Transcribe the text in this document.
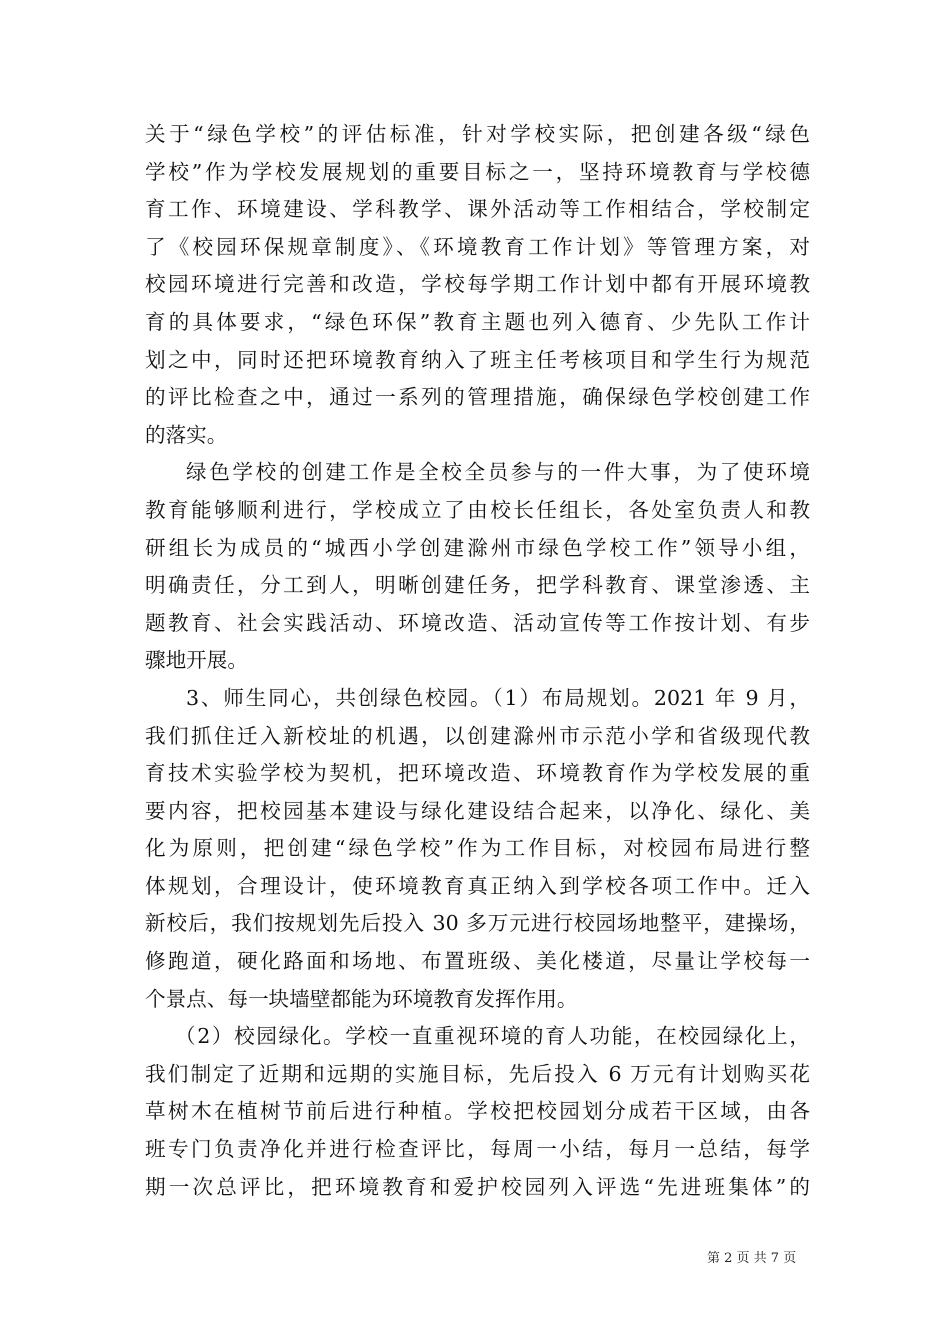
关于“绿色学校”的评估标准，针对学校实际，把创建各级“绿色
学校”作为学校发展规划的重要目标之一，坚持环境教育与学校德
育工作、环境建设、学科教学、课外活动等工作相结合，学校制定
了《校园环保规章制度》、《环境教育工作计划》等管理方案，对
校园环境进行完善和改造，学校每学期工作计划中都有开展环境教
育的具体要求，“绿色环保”教育主题也列入德育、少先队工作计
划之中，同时还把环境教育纳入了班主任考核项目和学生行为规范
的评比检查之中，通过一系列的管理措施，确保绿色学校创建工作
的落实。
绿色学校的创建工作是全校全员参与的一件大事，为了使环境
教育能够顺利进行，学校成立了由校长任组长，各处室负责人和教
研组长为成员的“城西小学创建滁州市绿色学校工作”领导小组，
明确责任，分工到人，明晰创建任务，把学科教育、课堂渗透、主
题教育、社会实践活动、环境改造、活动宣传等工作按计划、有步
骤地开展。
3、师生同心，共创绿色校园。（1）布局规划。2021 年 9 月，
我们抓住迁入新校址的机遇，以创建滁州市示范小学和省级现代教
育技术实验学校为契机，把环境改造、环境教育作为学校发展的重
要内容，把校园基本建设与绿化建设结合起来，以净化、绿化、美
化为原则，把创建“绿色学校”作为工作目标，对校园布局进行整
体规划，合理设计，使环境教育真正纳入到学校各项工作中。迁入
新校后，我们按规划先后投入 30 多万元进行校园场地整平，建操场，
修跑道，硬化路面和场地、布置班级、美化楼道，尽量让学校每一
个景点、每一块墙壁都能为环境教育发挥作用。
（2）校园绿化。学校一直重视环境的育人功能，在校园绿化上，
我们制定了近期和远期的实施目标，先后投入 6 万元有计划购买花
草树木在植树节前后进行种植。学校把校园划分成若干区域，由各
班专门负责净化并进行检查评比，每周一小结，每月一总结，每学
期一次总评比，把环境教育和爱护校园列入评选“先进班集体”的
第 2 页 共 7 页
